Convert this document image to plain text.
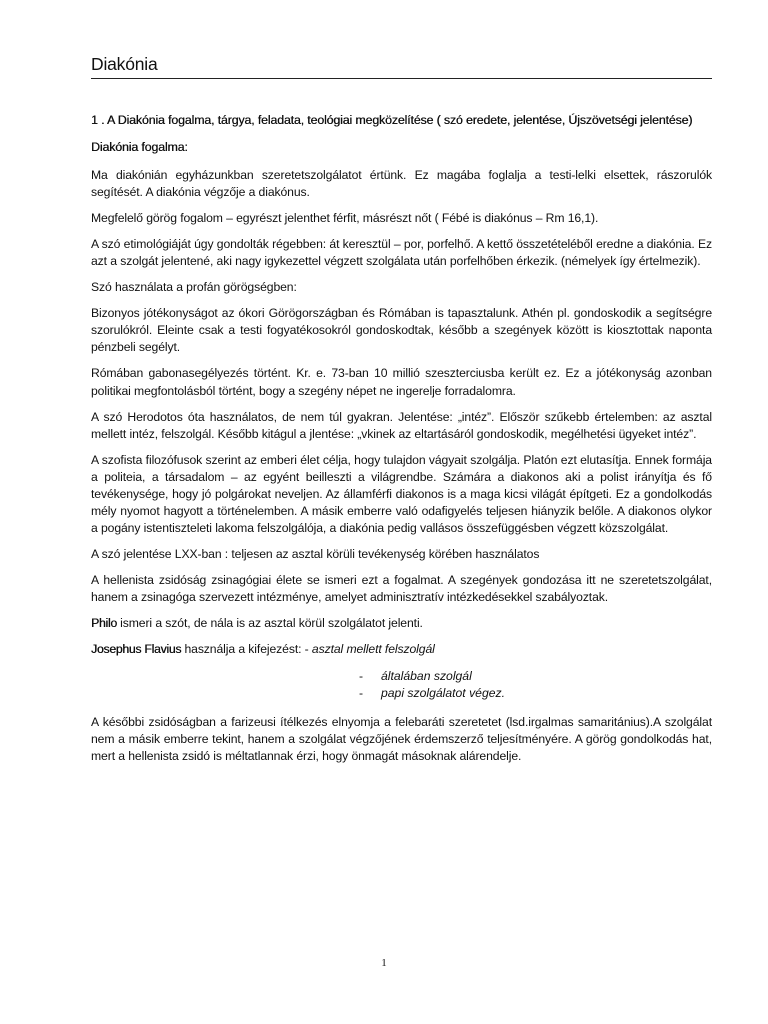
Diakónia
1 . A Diakónia fogalma, tárgya, feladata, teológiai megközelítése ( szó eredete, jelentése, Újszövetségi jelentése)
Diakónia fogalma:

Ma diakónián egyházunkban szeretetszolgálatot értünk. Ez magába foglalja a testi-lelki elsettek, rászorulók segítését. A diakónia végzője a diakónus.

Megfelelő görög fogalom – egyrészt jelenthet férfit, másrészt nőt ( Fébé is diakónus – Rm 16,1).

A szó etimológiáját úgy gondolták régebben: át keresztül – por, porfelhő. A kettő összetételéből eredne a diakónia. Ez azt a szolgát jelentené, aki nagy igykezettel végzett szolgálata után porfelhőben érkezik. (némelyek így értelmezik).

Szó használata a profán görögségben:

Bizonyos jótékonyságot az ókori Görögországban és Rómában is tapasztalunk. Athén pl. gondoskodik a segítségre szorulókról. Eleinte csak a testi fogyatékosokról gondoskodtak, később a szegények között is kiosztottak naponta pénzbeli segélyt.

Rómában gabonasegélyezés történt. Kr. e. 73-ban 10 millió szeszterciusba került ez. Ez a jótékonyság azonban politikai megfontolásból történt, bogy a szegény népet ne ingerelje forradalomra.

A szó Herodotos óta használatos, de nem túl gyakran. Jelentése: „intéz”. Először szűkebb értelemben: az asztal mellett intéz, felszolgál. Később kitágul a jlentése: „vkinek az eltartásáról gondoskodik, megélhetési ügyeket intéz”.

A szofista filozófusok szerint az emberi élet célja, hogy tulajdon vágyait szolgálja. Platón ezt elutasítja. Ennek formája a politeia, a társadalom – az egyént beilleszti a világrendbe. Számára a diakonos aki a polist irányítja és fő tevékenysége, hogy jó polgárokat neveljen. Az államférfi diakonos is a maga kicsi világát építgeti. Ez a gondolkodás mély nyomot hagyott a történelemben. A másik emberre való odafigyelés teljesen hiányzik belőle. A diakonos olykor a pogány istentiszteleti lakoma felszolgálója, a diakónia pedig vallásos összefüggésben végzett közszolgálat.

A szó jelentése LXX-ban : teljesen az asztal körüli tevékenység körében használatos

A hellenista zsidóság zsinagógiai élete se ismeri ezt a fogalmat. A szegények gondozása itt ne szeretetszolgálat, hanem a zsinagóga szervezett intézménye, amelyet adminisztratív intézkedésekkel szabályoztak.

Philo ismeri a szót, de nála is az asztal körül szolgálatot jelenti.

Josephus Flavius használja a kifejezést: - asztal mellett felszolgál

- általában szolgál
- papi szolgálatot végez.

A későbbi zsidóságban a farizeusi ítélkezés elnyomja a felebaráti szeretetet (lsd.irgalmas samaritánius).A szolgálat nem a másik emberre tekint, hanem a szolgálat végzőjének érdemszerző teljesítményére. A görög gondolkodás hat, mert a hellenista zsidó is méltatlannak érzi, hogy önmagát másoknak alárendelje.

1
